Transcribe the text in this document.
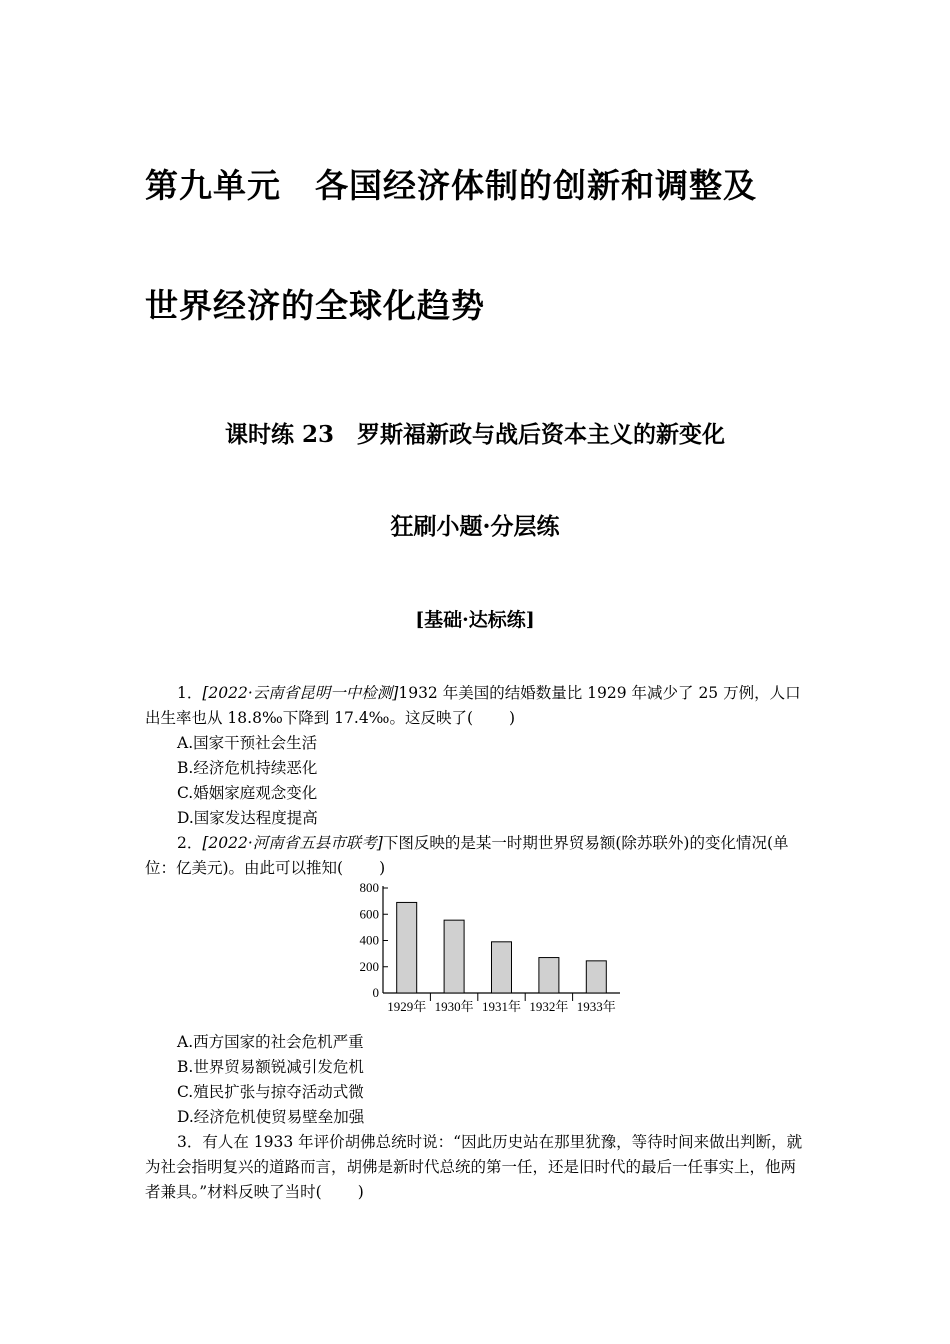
第九单元　各国经济体制的创新和调整及
世界经济的全球化趋势
课时练 23　罗斯福新政与战后资本主义的新变化
狂刷小题·分层练
[基础·达标练]
1．[2022·云南省昆明一中检测]1932 年美国的结婚数量比 1929 年减少了 25 万例，人口出生率也从 18.8‰下降到 17.4‰。这反映了( )
A.国家干预社会生活
B.经济危机持续恶化
C.婚姻家庭观念变化
D.国家发达程度提高
2．[2022·河南省五县市联考]下图反映的是某一时期世界贸易额(除苏联外)的变化情况(单位：亿美元)。由此可以推知( )
0
200
400
600
800
1929年 1930年 1931年 1932年 1933年
A.西方国家的社会危机严重
B.世界贸易额锐减引发危机
C.殖民扩张与掠夺活动式微
D.经济危机使贸易壁垒加强
3．有人在 1933 年评价胡佛总统时说：“因此历史站在那里犹豫，等待时间来做出判断，就为社会指明复兴的道路而言，胡佛是新时代总统的第一任，还是旧时代的最后一任事实上，他两者兼具。”材料反映了当时( )
